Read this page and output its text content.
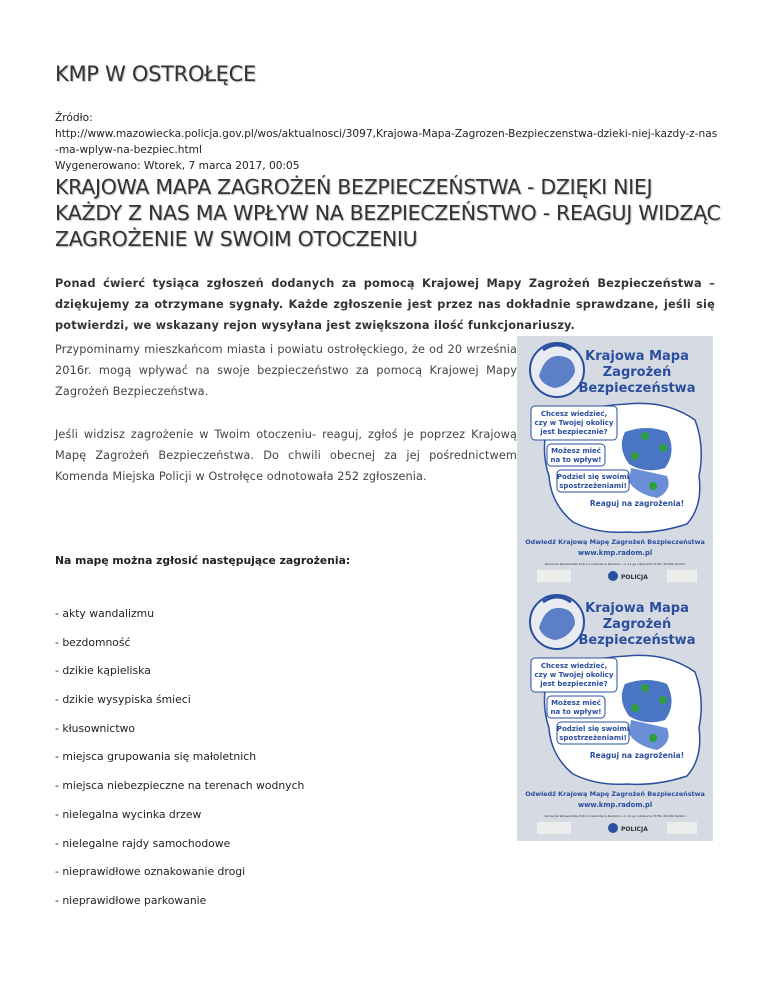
KMP W OSTROŁĘCE
Źródło:
http://www.mazowiecka.policja.gov.pl/wos/aktualnosci/3097,Krajowa-Mapa-Zagrozen-Bezpieczenstwa-dzieki-niej-kazdy-z-nas
-ma-wplyw-na-bezpiec.html
Wygenerowano: Wtorek, 7 marca 2017, 00:05
KRAJOWA MAPA ZAGROŻEŃ BEZPIECZEŃSTWA - DZIĘKI NIEJ KAŻDY Z NAS MA WPŁYW NA BEZPIECZEŃSTWO - REAGUJ WIDZĄC ZAGROŻENIE W SWOIM OTOCZENIU
Ponad ćwierć tysiąca zgłoszeń dodanych za pomocą Krajowej Mapy Zagrożeń Bezpieczeństwa – dziękujemy za otrzymane sygnały. Każde zgłoszenie jest przez nas dokładnie sprawdzane, jeśli się potwierdzi, we wskazany rejon wysyłana jest zwiększona ilość funkcjonariuszy.
Przypominamy mieszkańcom miasta i powiatu ostrołęckiego, że od 20 września 2016r. mogą wpływać na swoje bezpieczeństwo za pomocą Krajowej Mapy Zagrożeń Bezpieczeństwa.
Jeśli widzisz zagrożenie w Twoim otoczeniu- reaguj, zgłoś je poprzez Krajową Mapę Zagrożeń Bezpieczeństwa. Do chwili obecnej za jej pośrednictwem Komenda Miejska Policji w Ostrołęce odnotowała 252 zgłoszenia.
Na mapę można zgłosić następujące zagrożenia:
- akty wandalizmu
- bezdomność
- dzikie kąpieliska
- dzikie wysypiska śmieci
- kłusownictwo
- miejsca grupowania się małoletnich
- miejsca niebezpieczne na terenach wodnych
- nielegalna wycinka drzew
- nielegalne rajdy samochodowe
- nieprawidłowe oznakowanie drogi
- nieprawidłowe parkowanie
Krajowa Mapa
Zagrożeń
Bezpieczeństwa
Chcesz wiedzieć,
czy w Twojej okolicy
jest bezpiecznie?
Możesz mieć
na to wpływ!
Podziel się swoimi
spostrzeżeniami!
Reaguj na zagrożenia!
Odwiedź Krajową Mapę Zagrożeń Bezpieczeństwa
www.kmp.radom.pl
Komenda Wojewódzka Policji z siedzibą w Radomiu, ul. 11-go Listopada 37/59, 26-600 Radom
POLICJA
Krajowa Mapa
Zagrożeń
Bezpieczeństwa
Chcesz wiedzieć,
czy w Twojej okolicy
jest bezpiecznie?
Możesz mieć
na to wpływ!
Podziel się swoimi
spostrzeżeniami!
Reaguj na zagrożenia!
Odwiedź Krajową Mapę Zagrożeń Bezpieczeństwa
www.kmp.radom.pl
Komenda Wojewódzka Policji z siedzibą w Radomiu, ul. 11-go Listopada 37/59, 26-600 Radom
POLICJA
